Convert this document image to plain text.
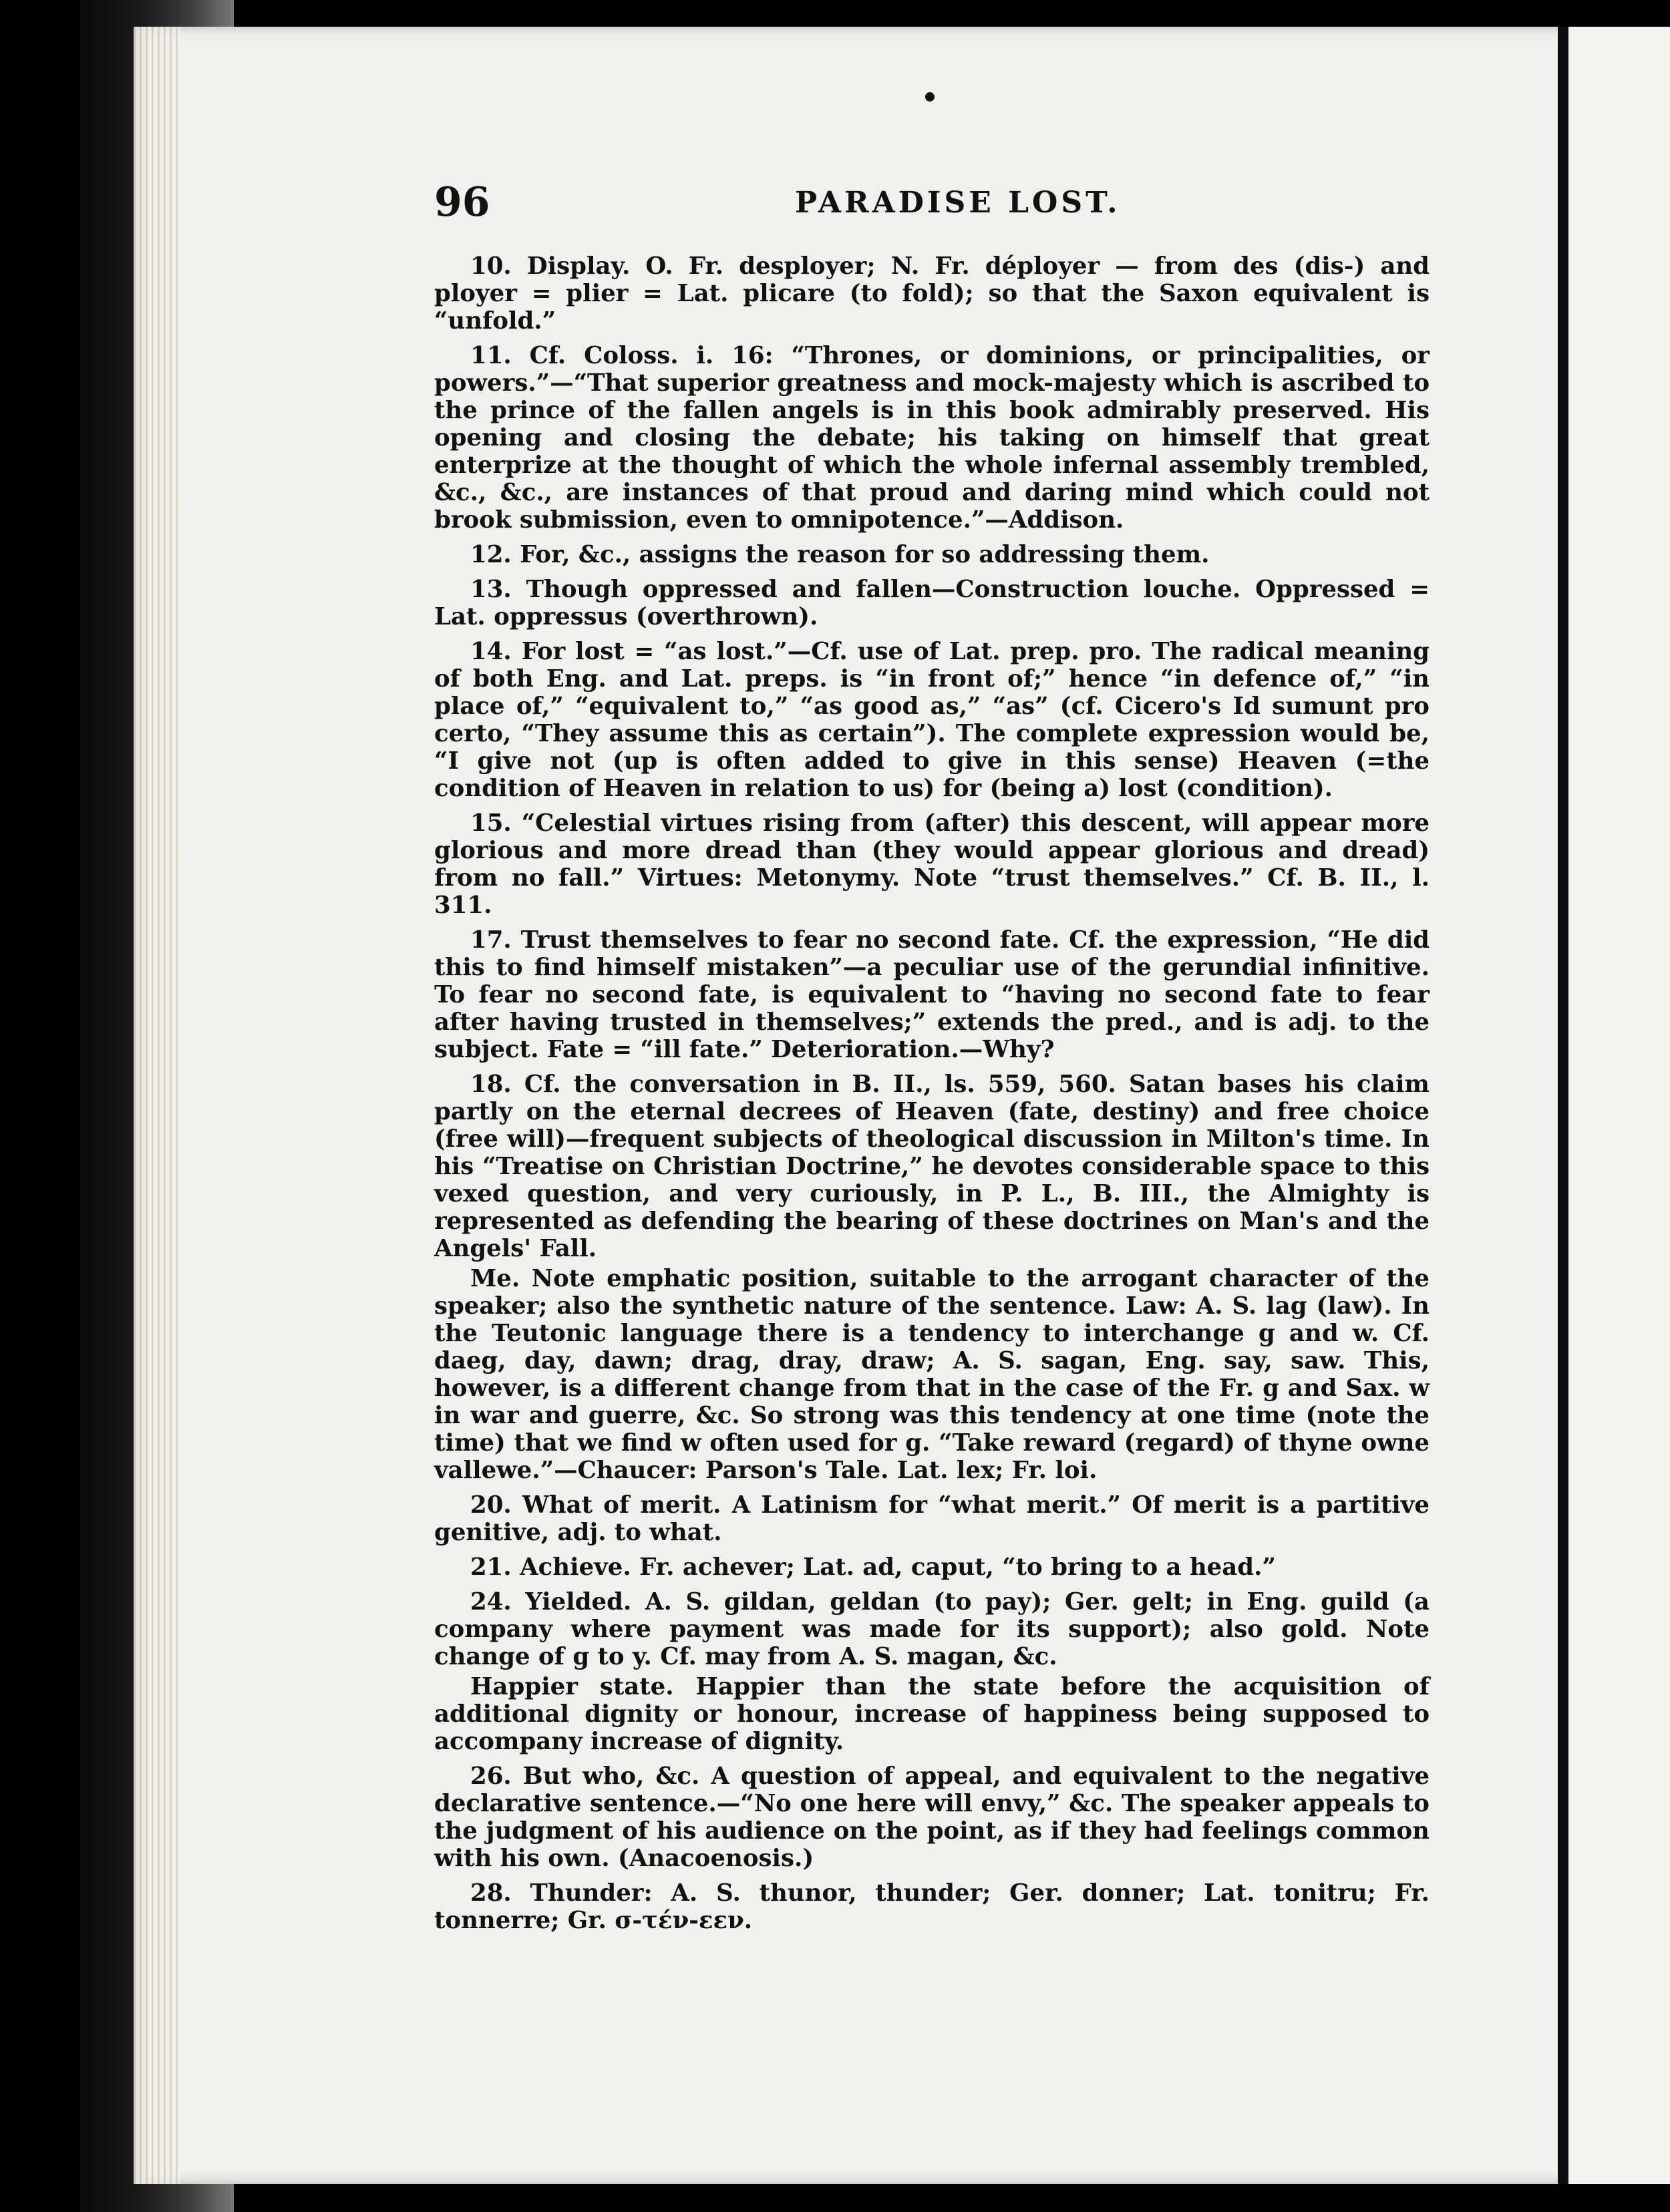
96	PARADISE LOST.

10. Display. O. Fr. desployer; N. Fr. déployer — from des (dis-) and ployer = plier = Lat. plicare (to fold); so that the Saxon equivalent is “unfold.”

11. Cf. Coloss. i. 16: “Thrones, or dominions, or principalities, or powers.”—“That superior greatness and mock-majesty which is ascribed to the prince of the fallen angels is in this book admirably preserved. His opening and closing the debate; his taking on himself that great enterprize at the thought of which the whole infernal assembly trembled, &c., &c., are instances of that proud and daring mind which could not brook submission, even to omnipotence.”—Addison.

12. For, &c., assigns the reason for so addressing them.

13. Though oppressed and fallen—Construction louche. Oppressed = Lat. oppressus (overthrown).

14. For lost = “as lost.”—Cf. use of Lat. prep. pro. The radical meaning of both Eng. and Lat. preps. is “in front of;” hence “in defence of,” “in place of,” “equivalent to,” “as good as,” “as” (cf. Cicero's Id sumunt pro certo, “They assume this as certain”). The complete expression would be, “I give not (up is often added to give in this sense) Heaven (=the condition of Heaven in relation to us) for (being a) lost (condition).

15. “Celestial virtues rising from (after) this descent, will appear more glorious and more dread than (they would appear glorious and dread) from no fall.” Virtues: Metonymy. Note “trust themselves.” Cf. B. II., l. 311.

17. Trust themselves to fear no second fate. Cf. the expression, “He did this to find himself mistaken”—a peculiar use of the gerundial infinitive. To fear no second fate, is equivalent to “having no second fate to fear after having trusted in themselves;” extends the pred., and is adj. to the subject. Fate = “ill fate.” Deterioration.—Why?

18. Cf. the conversation in B. II., ls. 559, 560. Satan bases his claim partly on the eternal decrees of Heaven (fate, destiny) and free choice (free will)—frequent subjects of theological discussion in Milton's time. In his “Treatise on Christian Doctrine,” he devotes considerable space to this vexed question, and very curiously, in P. L., B. III., the Almighty is represented as defending the bearing of these doctrines on Man's and the Angels' Fall.

Me. Note emphatic position, suitable to the arrogant character of the speaker; also the synthetic nature of the sentence. Law: A. S. lag (law). In the Teutonic language there is a tendency to interchange g and w. Cf. daeg, day, dawn; drag, dray, draw; A. S. sagan, Eng. say, saw. This, however, is a different change from that in the case of the Fr. g and Sax. w in war and guerre, &c. So strong was this tendency at one time (note the time) that we find w often used for g. “Take reward (regard) of thyne owne vallewe.”—Chaucer: Parson's Tale. Lat. lex; Fr. loi.

20. What of merit. A Latinism for “what merit.” Of merit is a partitive genitive, adj. to what.

21. Achieve. Fr. achever; Lat. ad, caput, “to bring to a head.”

24. Yielded. A. S. gildan, geldan (to pay); Ger. gelt; in Eng. guild (a company where payment was made for its support); also gold. Note change of g to y. Cf. may from A. S. magan, &c.

Happier state. Happier than the state before the acquisition of additional dignity or honour, increase of happiness being supposed to accompany increase of dignity.

26. But who, &c. A question of appeal, and equivalent to the negative declarative sentence.—“No one here will envy,” &c. The speaker appeals to the judgment of his audience on the point, as if they had feelings common with his own. (Anacoenosis.)

28. Thunder: A. S. thunor, thunder; Ger. donner; Lat. tonitru; Fr. tonnerre; Gr. σ-τέν-εεν.
